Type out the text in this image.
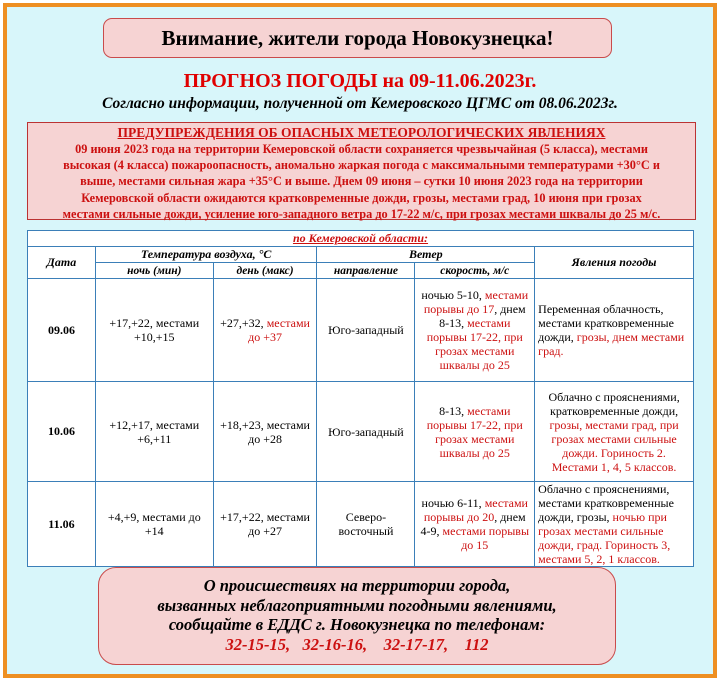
Внимание, жители города Новокузнецка!
ПРОГНОЗ ПОГОДЫ на 09-11.06.2023г.
Согласно информации, полученной от Кемеровского ЦГМС от 08.06.2023г.
ПРЕДУПРЕЖДЕНИЯ ОБ ОПАСНЫХ МЕТЕОРОЛОГИЧЕСКИХ ЯВЛЕНИЯХ
09 июня 2023 года на территории Кемеровской области сохраняется чрезвычайная (5 класса), местами
высокая (4 класса) пожароопасность, аномально жаркая погода с максимальными температурами +30°С и
выше, местами сильная жара +35°С и выше. Днем 09 июня – сутки 10 июня 2023 года на территории
Кемеровской области ожидаются кратковременные дожди, грозы, местами град, 10 июня при грозах
местами сильные дожди, усиление юго-западного ветра до 17-22 м/с, при грозах местами шквалы до 25 м/с.
по Кемеровской области:					
Дата	Температура воздуха, °С		Ветер		Явления погоды
	ночь (мин)	день (макс)	направление	скорость, м/с	
09.06	+17,+22, местами +10,+15	+27,+32, местами до +37	Юго-западный	ночью 5-10, местами порывы до 17, днем 8-13, местами порывы 17-22, при грозах местами шквалы до 25	Переменная облачность, местами кратковременные дожди, грозы, днем местами град.
10.06	+12,+17, местами +6,+11	+18,+23, местами до +28	Юго-западный	8-13, местами порывы 17-22, при грозах местами шквалы до 25	Облачно с прояснениями, кратковременные дожди, грозы, местами град, при грозах местами сильные дожди. Гориность 2. Местами 1, 4, 5 классов.
11.06	+4,+9, местами до +14	+17,+22, местами до +27	Северо-восточный	ночью 6-11, местами порывы до 20, днем 4-9, местами порывы до 15	Облачно с прояснениями, местами кратковременные дожди, грозы, ночью при грозах местами сильные дожди, град. Гориность 3, местами 5, 2, 1 классов.
О происшествиях на территории города,
вызванных неблагоприятными погодными явлениями,
сообщайте в ЕДДС г. Новокузнецка по телефонам:
32-15-15,   32-16-16,    32-17-17,    112
